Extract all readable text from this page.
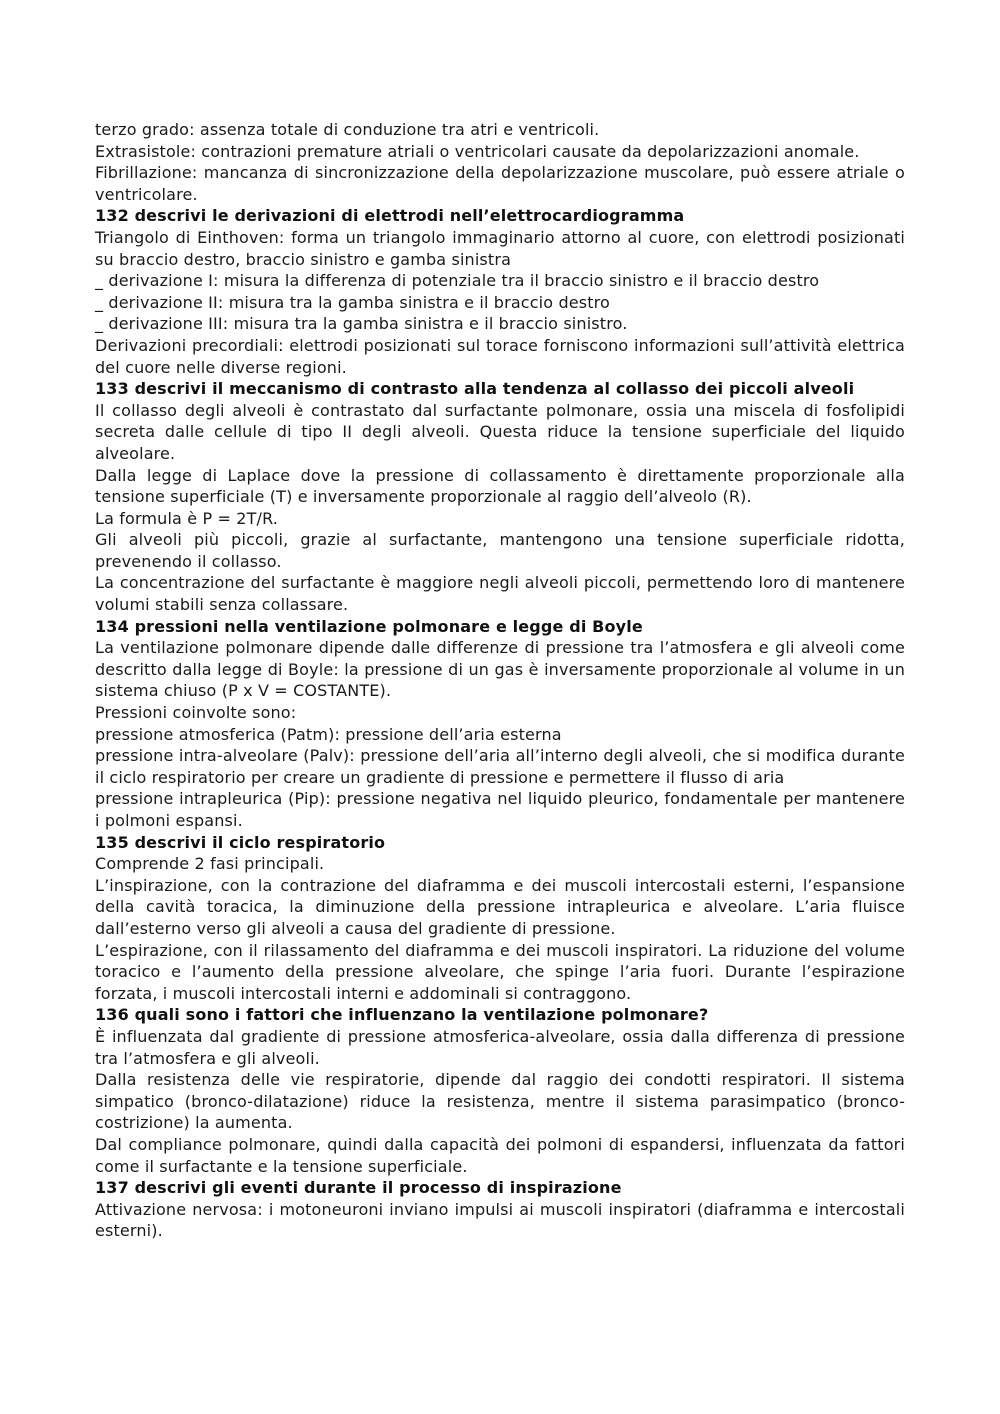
terzo grado: assenza totale di conduzione tra atri e ventricoli.

Extrasistole: contrazioni premature atriali o ventricolari causate da depolarizzazioni anomale.

Fibrillazione: mancanza di sincronizzazione della depolarizzazione muscolare, può essere atriale o ventricolare.

132 descrivi le derivazioni di elettrodi nell’elettrocardiogramma

Triangolo di Einthoven: forma un triangolo immaginario attorno al cuore, con elettrodi posizionati su braccio destro, braccio sinistro e gamba sinistra

_ derivazione I: misura la differenza di potenziale tra il braccio sinistro e il braccio destro

_ derivazione II: misura tra la gamba sinistra e il braccio destro

_ derivazione III: misura tra la gamba sinistra e il braccio sinistro.

Derivazioni precordiali: elettrodi posizionati sul torace forniscono informazioni sull’attività elettrica del cuore nelle diverse regioni.

133 descrivi il meccanismo di contrasto alla tendenza al collasso dei piccoli alveoli

Il collasso degli alveoli è contrastato dal surfactante polmonare, ossia una miscela di fosfolipidi secreta dalle cellule di tipo II degli alveoli. Questa riduce la tensione superficiale del liquido alveolare.

Dalla legge di Laplace dove la pressione di collassamento è direttamente proporzionale alla tensione superficiale (T) e inversamente proporzionale al raggio dell’alveolo (R).

La formula è P = 2T/R.

Gli alveoli più piccoli, grazie al surfactante, mantengono una tensione superficiale ridotta, prevenendo il collasso.

La concentrazione del surfactante è maggiore negli alveoli piccoli, permettendo loro di mantenere volumi stabili senza collassare.

134 pressioni nella ventilazione polmonare e legge di Boyle

La ventilazione polmonare dipende dalle differenze di pressione tra l’atmosfera e gli alveoli come descritto dalla legge di Boyle: la pressione di un gas è inversamente proporzionale al volume in un sistema chiuso (P x V = COSTANTE).

Pressioni coinvolte sono:

pressione atmosferica (Patm): pressione dell’aria esterna

pressione intra-alveolare (Palv): pressione dell’aria all’interno degli alveoli, che si modifica durante il ciclo respiratorio per creare un gradiente di pressione e permettere il flusso di aria

pressione intrapleurica (Pip): pressione negativa nel liquido pleurico, fondamentale per mantenere i polmoni espansi.

135 descrivi il ciclo respiratorio

Comprende 2 fasi principali.

L’inspirazione, con la contrazione del diaframma e dei muscoli intercostali esterni, l’espansione della cavità toracica, la diminuzione della pressione intrapleurica e alveolare. L’aria fluisce dall’esterno verso gli alveoli a causa del gradiente di pressione.

L’espirazione, con il rilassamento del diaframma e dei muscoli inspiratori. La riduzione del volume toracico e l’aumento della pressione alveolare, che spinge l’aria fuori. Durante l’espirazione forzata, i muscoli intercostali interni e addominali si contraggono.

136 quali sono i fattori che influenzano la ventilazione polmonare?

È influenzata dal gradiente di pressione atmosferica-alveolare, ossia dalla differenza di pressione tra l’atmosfera e gli alveoli.

Dalla resistenza delle vie respiratorie, dipende dal raggio dei condotti respiratori. Il sistema simpatico (bronco-dilatazione) riduce la resistenza, mentre il sistema parasimpatico (bronco-costrizione) la aumenta.

Dal compliance polmonare, quindi dalla capacità dei polmoni di espandersi, influenzata da fattori come il surfactante e la tensione superficiale.

137 descrivi gli eventi durante il processo di inspirazione

Attivazione nervosa: i motoneuroni inviano impulsi ai muscoli inspiratori (diaframma e intercostali esterni).
